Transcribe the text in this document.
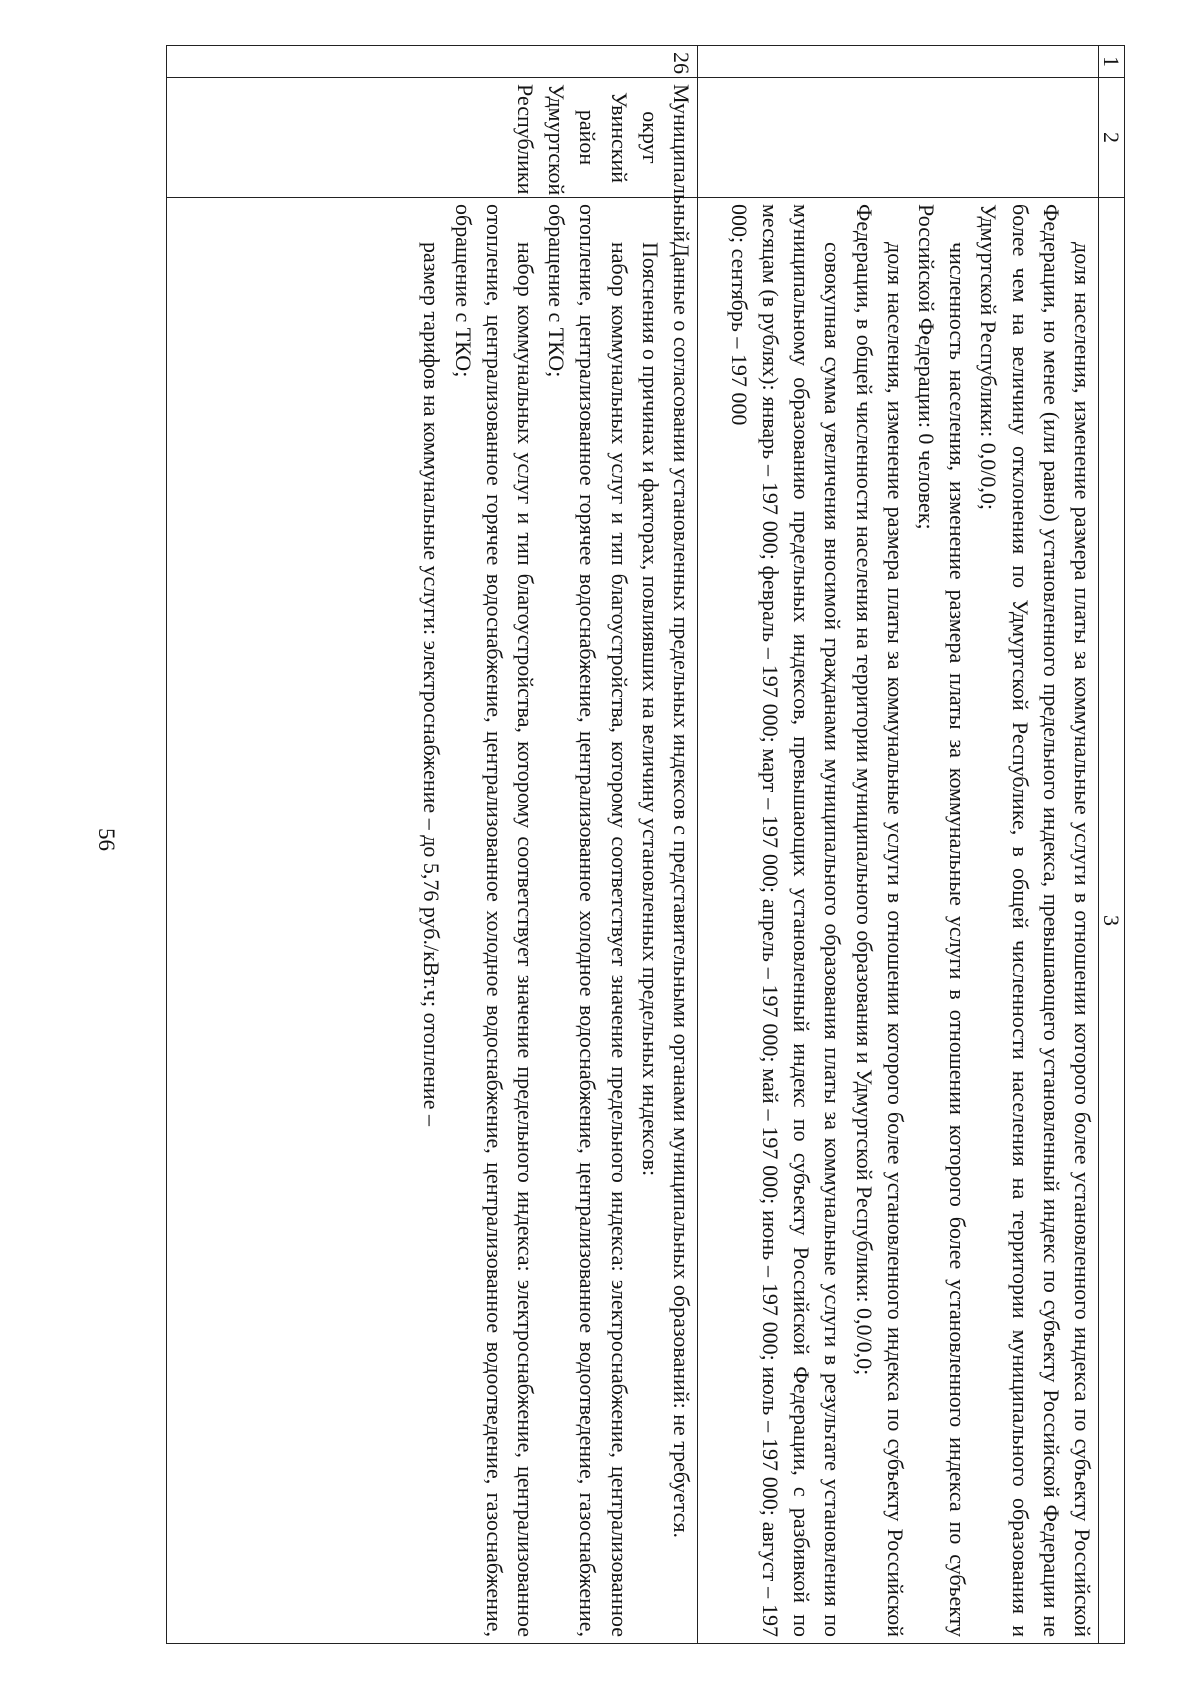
56
1	2	3

		доля населения, изменение размера платы за коммунальные услуги в отношении которого более установленного индекса по субъекту Российской Федерации, но менее (или равно) установленного предельного индекса, превышающего установленный индекс по субъекту Российской Федерации не более чем на величину отклонения по Удмуртской Республике, в общей численности населения на территории муниципального образования и Удмуртской Республики: 0,0/0,0;

численность населения, изменение размера платы за коммунальные услуги в отношении которого более установленного индекса по субъекту Российской Федерации: 0 человек;

доля населения, изменение размера платы за коммунальные услуги в отношении которого более установленного индекса по субъекту Российской Федерации, в общей численности населения на территории муниципального образования и Удмуртской Республики: 0,0/0,0;

совокупная сумма увеличения вносимой гражданами муниципального образования платы за коммунальные услуги в результате установления по муниципальному образованию предельных индексов, превышающих установленный индекс по субъекту Российской Федерации, с разбивкой по месяцам (в рублях): январь – 197 000; февраль – 197 000; март – 197 000; апрель – 197 000; май – 197 000; июнь – 197 000; июль – 197 000; август – 197 000; сентябрь – 197 000

26	Муниципальный округ Увинский район Удмуртской Республики	Данные о согласовании установленных предельных индексов с представительными органами муниципальных образований: не требуется.

Пояснения о причинах и факторах, повлиявших на величину установленных предельных индексов:

набор коммунальных услуг и тип благоустройства, которому соответствует значение предельного индекса: электроснабжение, централизованное отопление, централизованное горячее водоснабжение, централизованное холодное водоснабжение, централизованное водоотведение, газоснабжение, обращение с ТКО;

набор коммунальных услуг и тип благоустройства, которому соответствует значение предельного индекса: электроснабжение, централизованное отопление, централизованное горячее водоснабжение, централизованное холодное водоснабжение, централизованное водоотведение, газоснабжение, обращение с ТКО;

размер тарифов на коммунальные услуги: электроснабжение – до 5,76 руб./кВт.ч; отопление –
